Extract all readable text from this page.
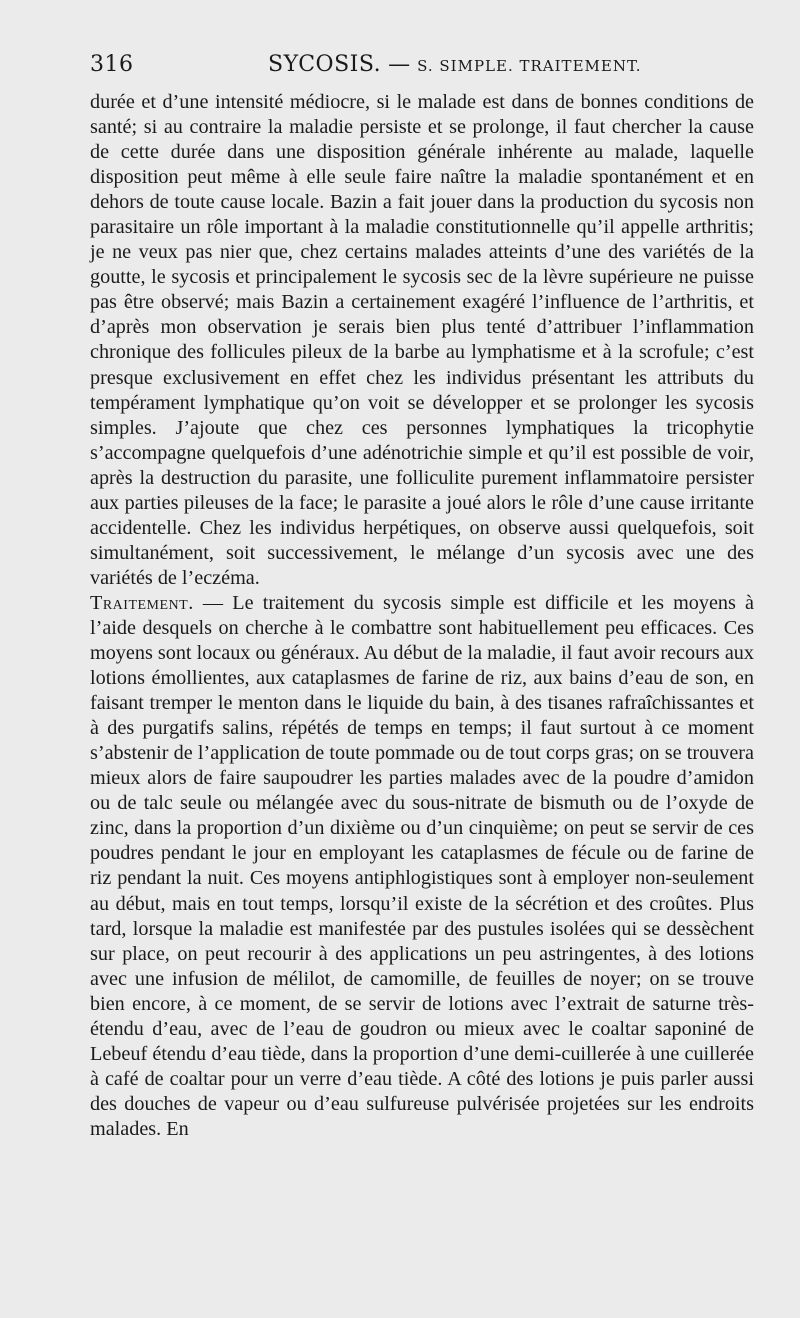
316	SYCOSIS. — S. SIMPLE. TRAITEMENT.

durée et d’une intensité médiocre, si le malade est dans de bonnes conditions de santé; si au contraire la maladie persiste et se prolonge, il faut chercher la cause de cette durée dans une disposition générale inhérente au malade, laquelle disposition peut même à elle seule faire naître la maladie spontanément et en dehors de toute cause locale. Bazin a fait jouer dans la production du sycosis non parasitaire un rôle important à la maladie constitutionnelle qu’il appelle arthritis; je ne veux pas nier que, chez certains malades atteints d’une des variétés de la goutte, le sycosis et principalement le sycosis sec de la lèvre supérieure ne puisse pas être observé; mais Bazin a certainement exagéré l’influence de l’arthritis, et d’après mon observation je serais bien plus tenté d’attribuer l’inflammation chronique des follicules pileux de la barbe au lymphatisme et à la scrofule; c’est presque exclusivement en effet chez les individus présentant les attributs du tempérament lymphatique qu’on voit se développer et se prolonger les sycosis simples. J’ajoute que chez ces personnes lymphatiques la tricophytie s’accompagne quelquefois d’une adénotrichie simple et qu’il est possible de voir, après la destruction du parasite, une folliculite purement inflammatoire persister aux parties pileuses de la face; le parasite a joué alors le rôle d’une cause irritante accidentelle. Chez les individus herpétiques, on observe aussi quelquefois, soit simultanément, soit successivement, le mélange d’un sycosis avec une des variétés de l’eczéma.

Traitement. — Le traitement du sycosis simple est difficile et les moyens à l’aide desquels on cherche à le combattre sont habituellement peu efficaces. Ces moyens sont locaux ou généraux. Au début de la maladie, il faut avoir recours aux lotions émollientes, aux cataplasmes de farine de riz, aux bains d’eau de son, en faisant tremper le menton dans le liquide du bain, à des tisanes rafraîchissantes et à des purgatifs salins, répétés de temps en temps; il faut surtout à ce moment s’abstenir de l’application de toute pommade ou de tout corps gras; on se trouvera mieux alors de faire saupoudrer les parties malades avec de la poudre d’amidon ou de talc seule ou mélangée avec du sous-nitrate de bismuth ou de l’oxyde de zinc, dans la proportion d’un dixième ou d’un cinquième; on peut se servir de ces poudres pendant le jour en employant les cataplasmes de fécule ou de farine de riz pendant la nuit. Ces moyens antiphlogistiques sont à employer non-seulement au début, mais en tout temps, lorsqu’il existe de la sécrétion et des croûtes. Plus tard, lorsque la maladie est manifestée par des pustules isolées qui se dessèchent sur place, on peut recourir à des applications un peu astringentes, à des lotions avec une infusion de mélilot, de camomille, de feuilles de noyer; on se trouve bien encore, à ce moment, de se servir de lotions avec l’extrait de saturne très-étendu d’eau, avec de l’eau de goudron ou mieux avec le coaltar saponiné de Lebeuf étendu d’eau tiède, dans la proportion d’une demi-cuillerée à une cuillerée à café de coaltar pour un verre d’eau tiède. A côté des lotions je puis parler aussi des douches de vapeur ou d’eau sulfureuse pulvérisée projetées sur les endroits malades. En
